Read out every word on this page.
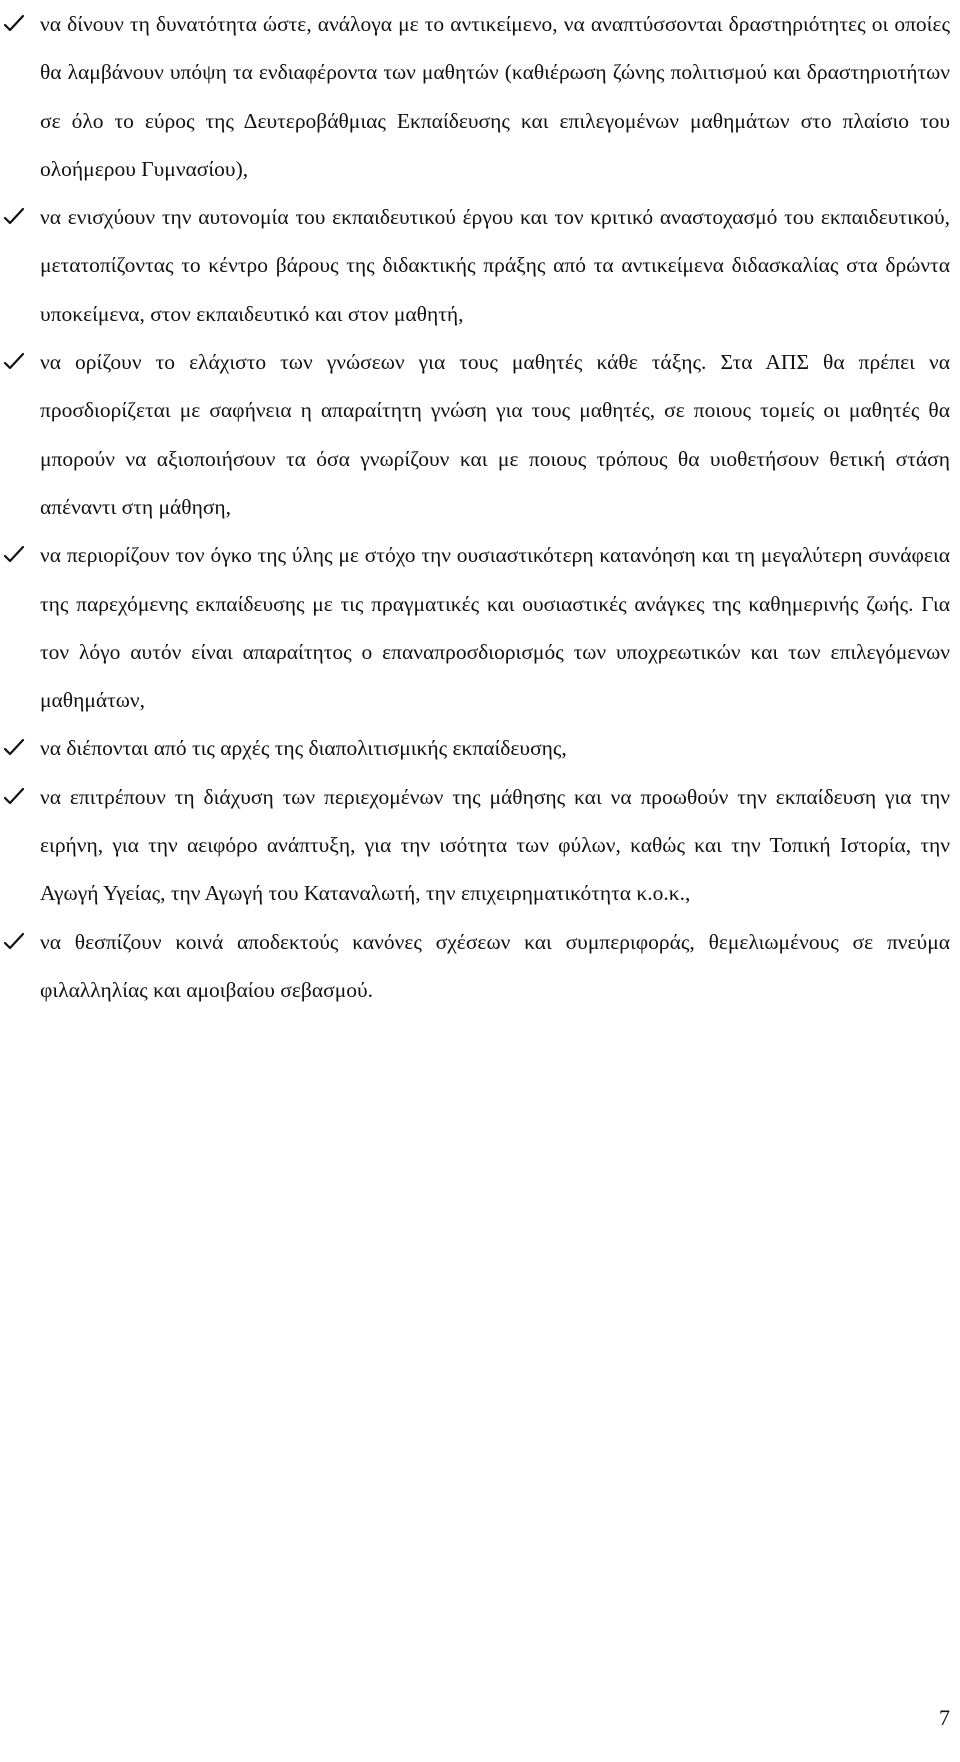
να δίνουν τη δυνατότητα ώστε, ανάλογα με το αντικείμενο, να αναπτύσσονται δραστηριότητες οι οποίες θα λαμβάνουν υπόψη τα ενδιαφέροντα των μαθητών (καθιέρωση ζώνης πολιτισμού και δραστηριοτήτων σε όλο το εύρος της Δευτεροβάθμιας Εκπαίδευσης και επιλεγομένων μαθημάτων στο πλαίσιο του ολοήμερου Γυμνασίου),
να ενισχύουν την αυτονομία του εκπαιδευτικού έργου και τον κριτικό αναστοχασμό του εκπαιδευτικού, μετατοπίζοντας το κέντρο βάρους της διδακτικής πράξης από τα αντικείμενα διδασκαλίας στα δρώντα υποκείμενα, στον εκπαιδευτικό και στον μαθητή,
να ορίζουν το ελάχιστο των γνώσεων για τους μαθητές κάθε τάξης. Στα ΑΠΣ θα πρέπει να προσδιορίζεται με σαφήνεια η απαραίτητη γνώση για τους μαθητές, σε ποιους τομείς οι μαθητές θα μπορούν να αξιοποιήσουν τα όσα γνωρίζουν και με ποιους τρόπους θα υιοθετήσουν θετική στάση απέναντι στη μάθηση,
να περιορίζουν τον όγκο της ύλης με στόχο την ουσιαστικότερη κατανόηση και τη μεγαλύτερη συνάφεια της παρεχόμενης εκπαίδευσης με τις πραγματικές και ουσιαστικές ανάγκες της καθημερινής ζωής. Για τον λόγο αυτόν είναι απαραίτητος ο επαναπροσδιορισμός των υποχρεωτικών και των επιλεγόμενων μαθημάτων,
να διέπονται από τις αρχές της διαπολιτισμικής εκπαίδευσης,
να επιτρέπουν τη διάχυση των περιεχομένων της μάθησης και να προωθούν την εκπαίδευση για την ειρήνη, για την αειφόρο ανάπτυξη, για την ισότητα των φύλων, καθώς και την Τοπική Ιστορία, την Αγωγή Υγείας, την Αγωγή του Καταναλωτή, την επιχειρηματικότητα κ.ο.κ.,
να θεσπίζουν κοινά αποδεκτούς κανόνες σχέσεων και συμπεριφοράς, θεμελιωμένους σε πνεύμα φιλαλληλίας και αμοιβαίου σεβασμού.
7
